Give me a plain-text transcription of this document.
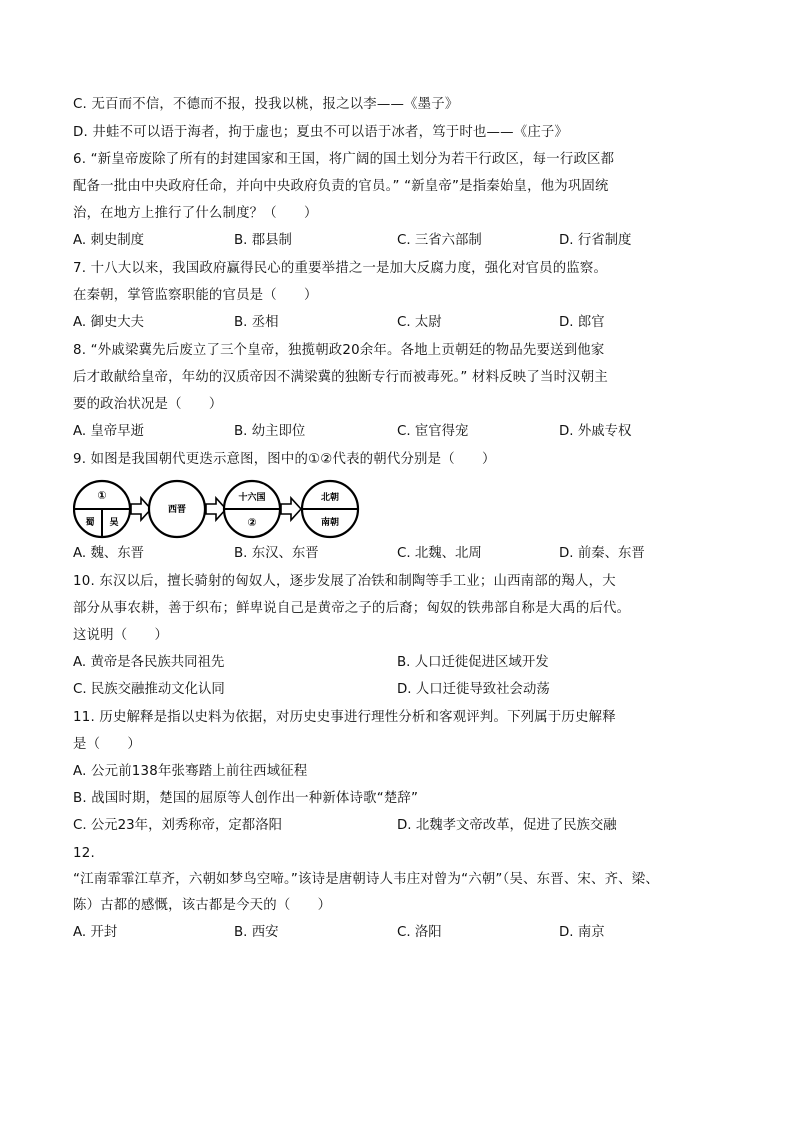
C. 无百而不信，不德而不报，投我以桃，报之以李——《墨子》
D. 井蛙不可以语于海者，拘于虚也；夏虫不可以语于冰者，笃于时也——《庄子》
6. “新皇帝废除了所有的封建国家和王国，将广阔的国土划分为若干行政区，每一行政区都
配备一批由中央政府任命，并向中央政府负责的官员。” “新皇帝”是指秦始皇，他为巩固统
治，在地方上推行了什么制度？（　　）
A. 刺史制度	B. 郡县制	C. 三省六部制	D. 行省制度
7. 十八大以来，我国政府赢得民心的重要举措之一是加大反腐力度，强化对官员的监察。
在秦朝，掌管监察职能的官员是（　　）
A. 御史大夫	B. 丞相	C. 太尉	D. 郎官
8. “外戚梁冀先后废立了三个皇帝，独揽朝政20余年。各地上贡朝廷的物品先要送到他家
后才敢献给皇帝，年幼的汉质帝因不满梁冀的独断专行而被毒死。” 材料反映了当时汉朝主
要的政治状况是（　　）
A. 皇帝早逝	B. 幼主即位	C. 宦官得宠	D. 外戚专权
9. 如图是我国朝代更迭示意图，图中的①②代表的朝代分别是（　　）
①
蜀 吴
西晋
十六国
②
北朝
南朝
A. 魏、东晋	B. 东汉、东晋	C. 北魏、北周	D. 前秦、东晋
10. 东汉以后，擅长骑射的匈奴人，逐步发展了冶铁和制陶等手工业；山西南部的羯人，大
部分从事农耕，善于织布；鲜卑说自己是黄帝之子的后裔；匈奴的铁弗部自称是大禹的后代。
这说明（　　）
A. 黄帝是各民族共同祖先	B. 人口迁徙促进区域开发
C. 民族交融推动文化认同	D. 人口迁徙导致社会动荡
11. 历史解释是指以史料为依据，对历史史事进行理性分析和客观评判。下列属于历史解释
是（　　）
A. 公元前138年张骞踏上前往西域征程
B. 战国时期，楚国的屈原等人创作出一种新体诗歌“楚辞”
C. 公元23年，刘秀称帝，定都洛阳	D. 北魏孝文帝改革，促进了民族交融
12.
“江南霏霏江草齐，六朝如梦鸟空啼。”该诗是唐朝诗人韦庄对曾为“六朝”（吴、东晋、宋、齐、梁、
陈）古都的感慨，该古都是今天的（　　）
A. 开封	B. 西安	C. 洛阳	D. 南京
